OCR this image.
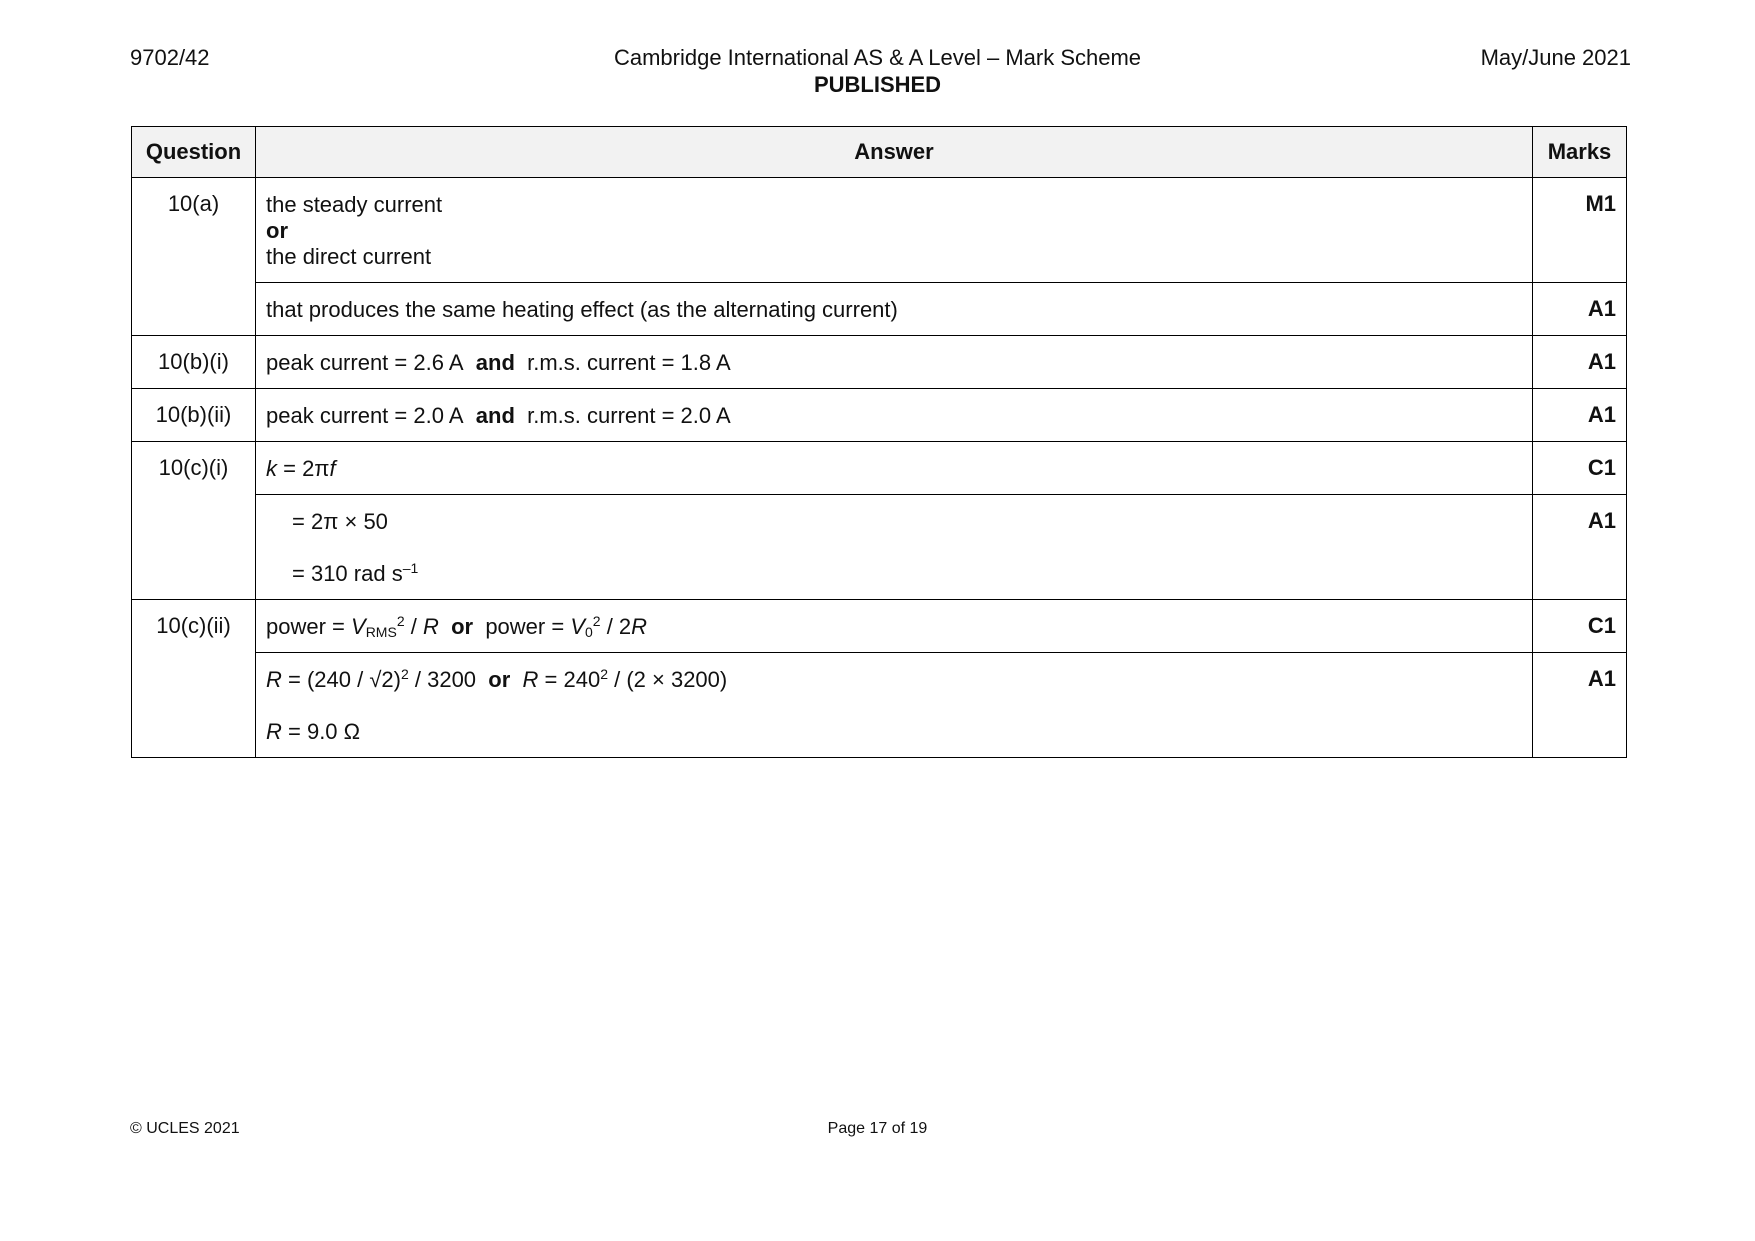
9702/42	Cambridge International AS & A Level – Mark Scheme
PUBLISHED
May/June 2021
Question	Answer	Marks
10(a)	the steady current
or
the direct current	M1
	that produces the same heating effect (as the alternating current)	A1
10(b)(i)	peak current = 2.6 A and r.m.s. current = 1.8 A	A1
10(b)(ii)	peak current = 2.0 A and r.m.s. current = 2.0 A	A1
10(c)(i)	k = 2πf	C1

	= 2π × 50
= 310 rad $s^{-1}$	A1
10(c)(ii)	power = $V_{RMS}^2$ / R or power = $V_0^2 / 2R$	C1

	R = (240 / √2)$^2$ / 3200 or $R = 240^2 / (2 \times 3200)$
R = 9.0 Ω	A1
© UCLES 2021	Page 17 of 19
